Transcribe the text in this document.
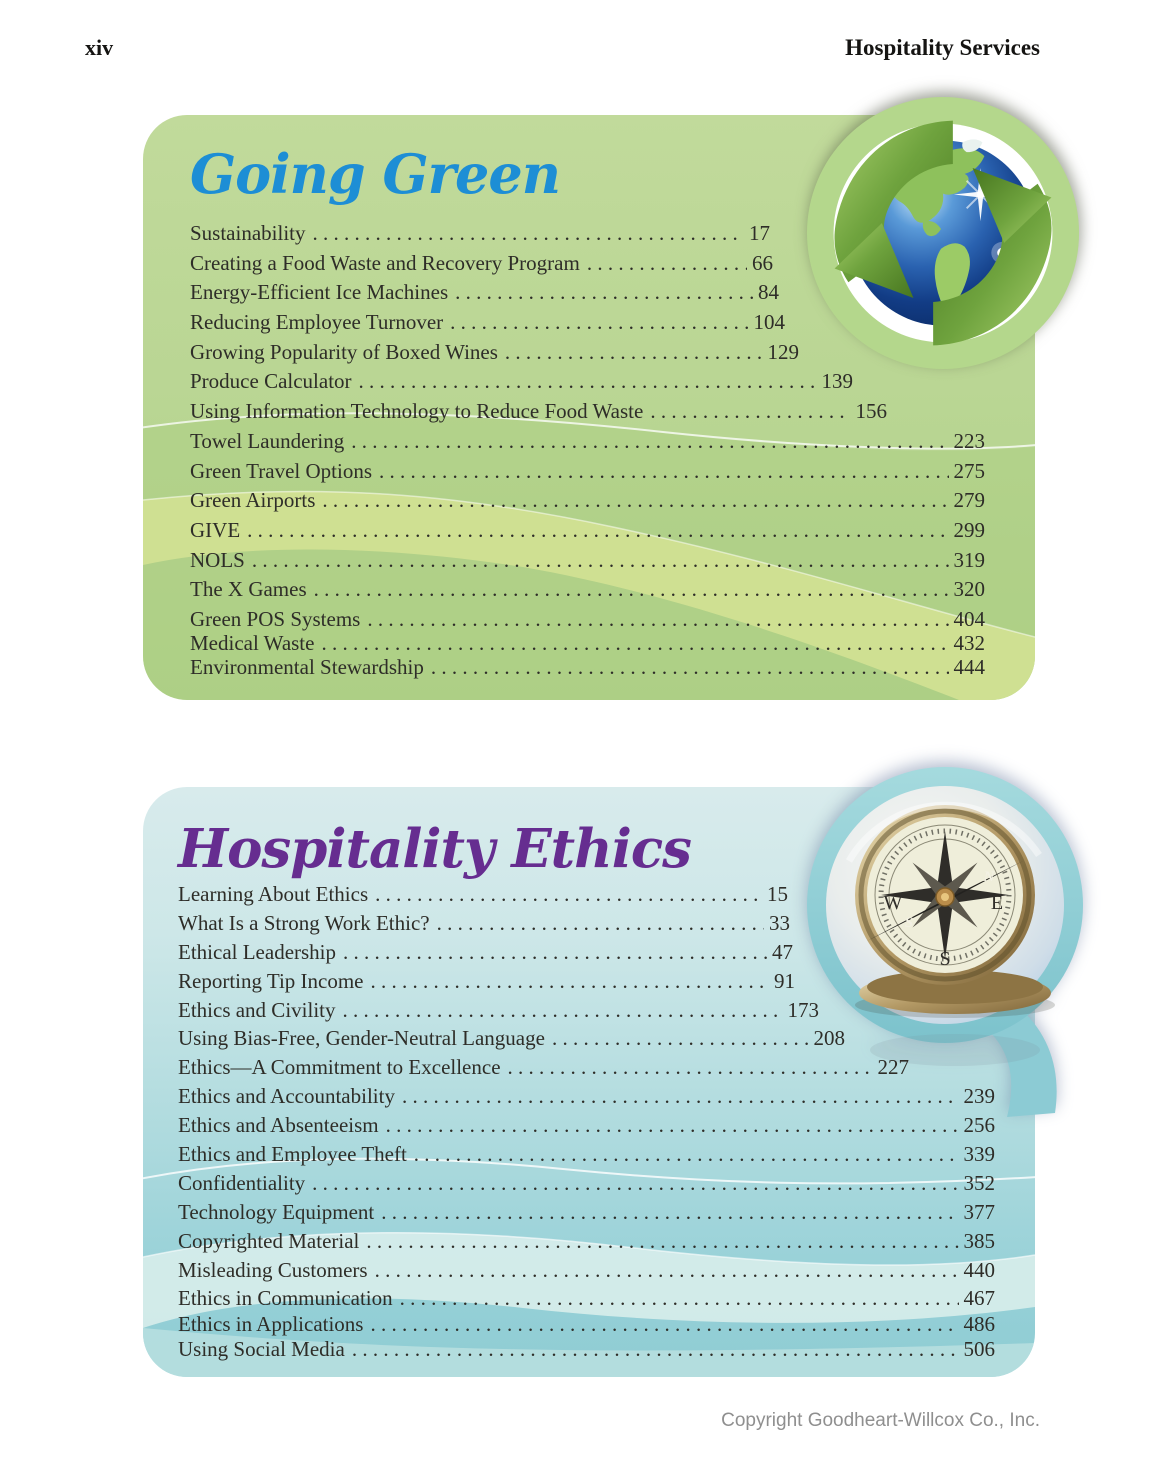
xiv	Hospitality Services
Going Green
Sustainability . . .	17
Creating a Food Waste and Recovery Program . . .	66
Energy-Efficient Ice Machines . . .	84
Reducing Employee Turnover . . .	104
Growing Popularity of Boxed Wines . . .	129
Produce Calculator . . .	139
Using Information Technology to Reduce Food Waste . . .	156
Towel Laundering . . .	223
Green Travel Options . . .	275
Green Airports . . .	279
GIVE . . .	299
NOLS . . .	319
The X Games . . .	320
Green POS Systems . . .	404
Medical Waste . . .	432
Environmental Stewardship . . .	444
Hospitality Ethics
Learning About Ethics . . .	15
What Is a Strong Work Ethic? . . .	33
Ethical Leadership . . .	47
Reporting Tip Income . . .	91
Ethics and Civility . . .	173
Using Bias-Free, Gender-Neutral Language . . .	208
Ethics—A Commitment to Excellence . . .	227
Ethics and Accountability . . .	239
Ethics and Absenteeism . . .	256
Ethics and Employee Theft . . .	339
Confidentiality . . .	352
Technology Equipment . . .	377
Copyrighted Material . . .	385
Misleading Customers . . .	440
Ethics in Communication . . .	467
Ethics in Applications . . .	486
Using Social Media . . .	506
W	E
S
S
N
Copyright Goodheart-Willcox Co., Inc.
